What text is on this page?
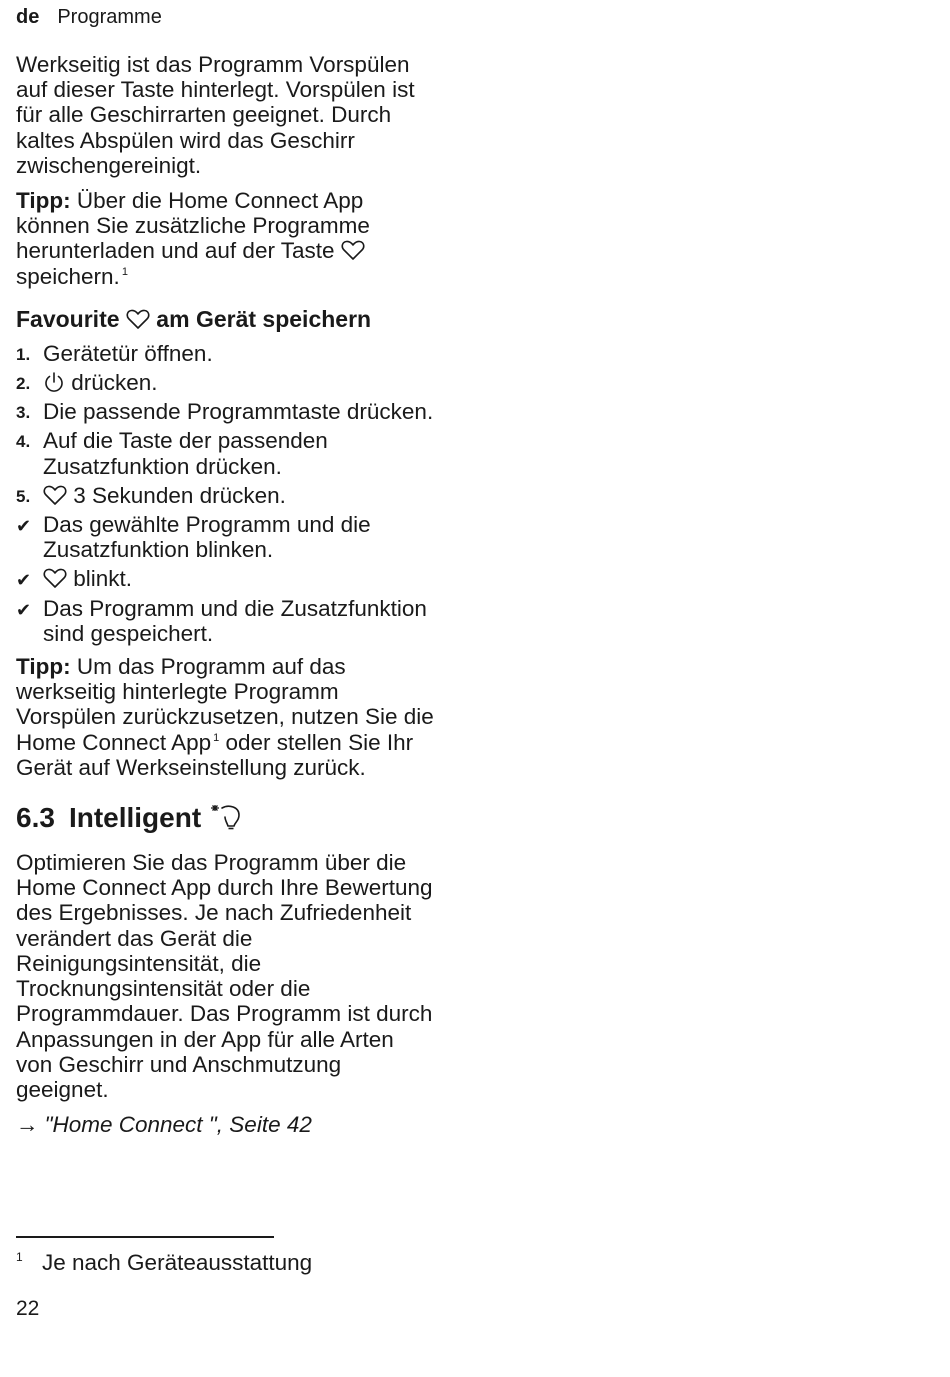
de Programme

Werkseitig ist das Programm Vorspülen auf dieser Taste hinterlegt. Vorspülen ist für alle Geschirrarten geeignet. Durch kaltes Abspülen wird das Geschirr zwischengereinigt.

Tipp: Über die Home Connect App können Sie zusätzliche Programme herunterladen und auf der Taste
speichern. $^1$

Favourite
am Gerät speichern
1. Gerätetür öffnen.
2. drücken.
3. Die passende Programmtaste drücken.
4. Auf die Taste der passenden Zusatzfunktion drücken.
5. 3 Sekunden drücken.
✔ Das gewählte Programm und die Zusatzfunktion blinken.
✔ blinkt.
✔ Das Programm und die Zusatzfunktion sind gespeichert.

Tipp: Um das Programm auf das werkseitig hinterlegte Programm Vorspülen zurückzusetzen, nutzen Sie die Home Connect App $^1$ oder stellen Sie Ihr Gerät auf Werkseinstellung zurück.

6.3 Intelligent

Optimieren Sie das Programm über die Home Connect App durch Ihre Bewertung des Ergebnisses. Je nach Zufriedenheit verändert das Gerät die Reinigungsintensität, die Trocknungsintensität oder die Programmdauer. Das Programm ist durch Anpassungen in der App für alle Arten von Geschirr und Anschmutzung geeignet.

→ "Home Connect ", Seite 42

1 Je nach Geräteausstattung
22
